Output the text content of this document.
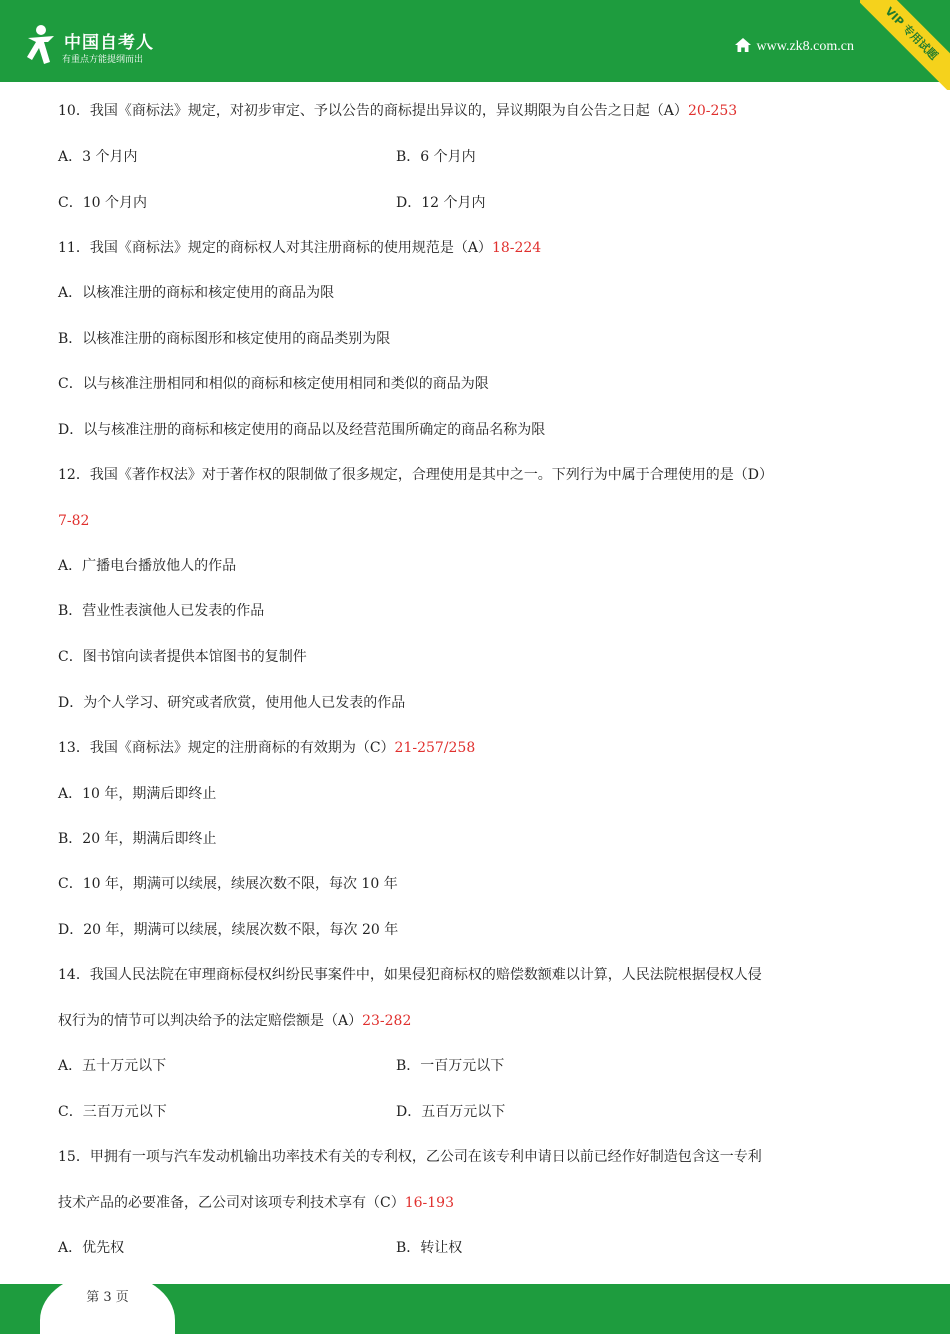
中国自考人
有重点方能提纲而出
www.zk8.com.cn	VIP 专用试题
10．我国《商标法》规定，对初步审定、予以公告的商标提出异议的，异议期限为自公告之日起（A）20-253
A．3 个月内	B．6 个月内
C．10 个月内	D．12 个月内
11．我国《商标法》规定的商标权人对其注册商标的使用规范是（A）18-224
A．以核准注册的商标和核定使用的商品为限
B．以核准注册的商标图形和核定使用的商品类别为限
C．以与核准注册相同和相似的商标和核定使用相同和类似的商品为限
D．以与核准注册的商标和核定使用的商品以及经营范围所确定的商品名称为限
12．我国《著作权法》对于著作权的限制做了很多规定，合理使用是其中之一。下列行为中属于合理使用的是（D）
7-82
A．广播电台播放他人的作品
B．营业性表演他人已发表的作品
C．图书馆向读者提供本馆图书的复制件
D．为个人学习、研究或者欣赏，使用他人已发表的作品
13．我国《商标法》规定的注册商标的有效期为（C）21-257/258
A．10 年，期满后即终止
B．20 年，期满后即终止
C．10 年，期满可以续展，续展次数不限，每次 10 年
D．20 年，期满可以续展，续展次数不限，每次 20 年
14．我国人民法院在审理商标侵权纠纷民事案件中，如果侵犯商标权的赔偿数额难以计算，人民法院根据侵权人侵
权行为的情节可以判决给予的法定赔偿额是（A）23-282
A．五十万元以下	B．一百万元以下
C．三百万元以下	D．五百万元以下
15．甲拥有一项与汽车发动机输出功率技术有关的专利权，乙公司在该专利申请日以前已经作好制造包含这一专利
技术产品的必要准备，乙公司对该项专利技术享有（C）16-193
A．优先权	B．转让权
第 3 页
